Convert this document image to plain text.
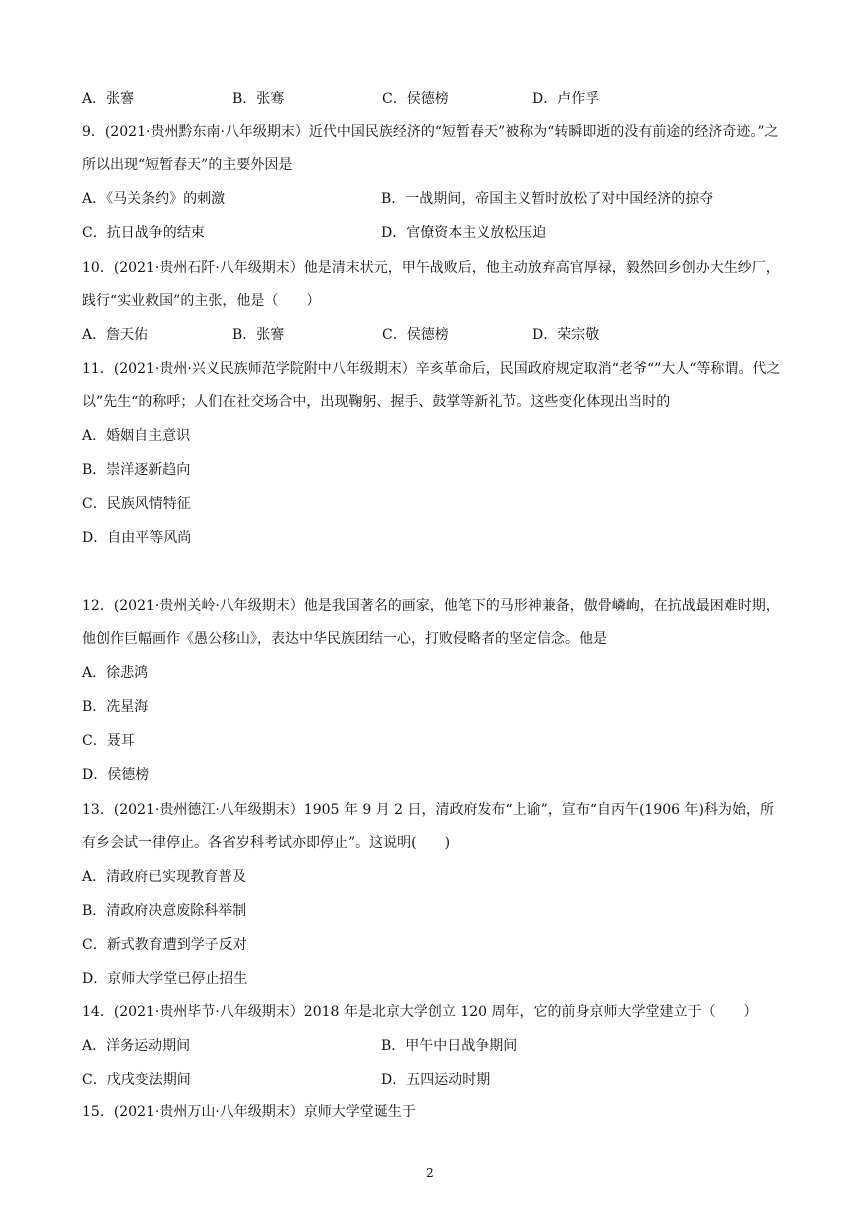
A．张謇	B．张骞	C．侯德榜	D．卢作孚

9．(2021·贵州黔东南·八年级期末）近代中国民族经济的“短暂春天”被称为“转瞬即逝的没有前途的经济奇迹。”之所以出现“短暂春天”的主要外因是

A．《马关条约》的刺激	B．一战期间，帝国主义暂时放松了对中国经济的掠夺
C．抗日战争的结束	D．官僚资本主义放松压迫

10．(2021·贵州石阡·八年级期末）他是清末状元，甲午战败后，他主动放弃高官厚禄，毅然回乡创办大生纱厂，践行“实业救国”的主张，他是（　　）

A．詹天佑	B．张謇	C．侯德榜	D．荣宗敬

11．(2021·贵州·兴义民族师范学院附中八年级期末）辛亥革命后，民国政府规定取消“老爷“”大人“等称谓。代之以”先生“的称呼；人们在社交场合中，出现鞠躬、握手、鼓掌等新礼节。这些变化体现出当时的

A．婚姻自主意识
B．崇洋逐新趋向
C．民族风情特征
D．自由平等风尚

12．(2021·贵州关岭·八年级期末）他是我国著名的画家，他笔下的马形神兼备，傲骨嶙峋，在抗战最困难时期，他创作巨幅画作《愚公移山》，表达中华民族团结一心，打败侵略者的坚定信念。他是

A．徐悲鸿
B．冼星海
C．聂耳
D．侯德榜

13．(2021·贵州德江·八年级期末）1905 年 9 月 2 日，清政府发布“上谕”，宣布“自丙午(1906 年)科为始，所有乡会试一律停止。各省岁科考试亦即停止”。这说明(　　)

A．清政府已实现教育普及
B．清政府决意废除科举制
C．新式教育遭到学子反对
D．京师大学堂已停止招生

14．(2021·贵州毕节·八年级期末）2018 年是北京大学创立 120 周年，它的前身京师大学堂建立于（　　）

A．洋务运动期间	B．甲午中日战争期间
C．戊戌变法期间	D．五四运动时期

15．(2021·贵州万山·八年级期末）京师大学堂诞生于

2
